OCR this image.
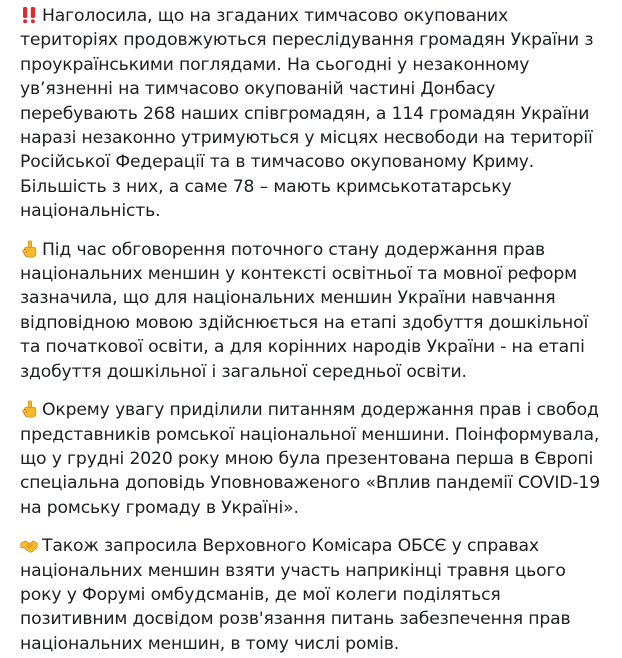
Наголосила, що на згаданих тимчасово окупованих територіях продовжуються переслідування громадян України з проукраїнськими поглядами. На сьогодні у незаконному ув’язненні на тимчасово окупованій частині Донбасу перебувають 268 наших співгромадян, а 114 громадян України наразі незаконно утримуються у місцях несвободи на території Російської Федерації та в тимчасово окупованому Криму. Більшість з них, а саме 78 – мають кримськотатарську національність.

Під час обговорення поточного стану додержання прав національних меншин у контексті освітньої та мовної реформ зазначила, що для національних меншин України навчання відповідною мовою здійснюється на етапі здобуття дошкільної та початкової освіти, а для корінних народів України - на етапі здобуття дошкільної і загальної середньої освіти.

Окрему увагу приділили питанням додержання прав і свобод представників ромської національної меншини. Поінформувала, що у грудні 2020 року мною була презентована перша в Європі спеціальна доповідь Уповноваженого «Вплив пандемії COVID-19 на ромську громаду в Україні».

Також запросила Верховного Комісара ОБСЄ у справах національних меншин взяти участь наприкінці травня цього року у Форумі омбудсманів, де мої колеги поділяться позитивним досвідом розв'язання питань забезпечення прав національних меншин, в тому числі ромів.
